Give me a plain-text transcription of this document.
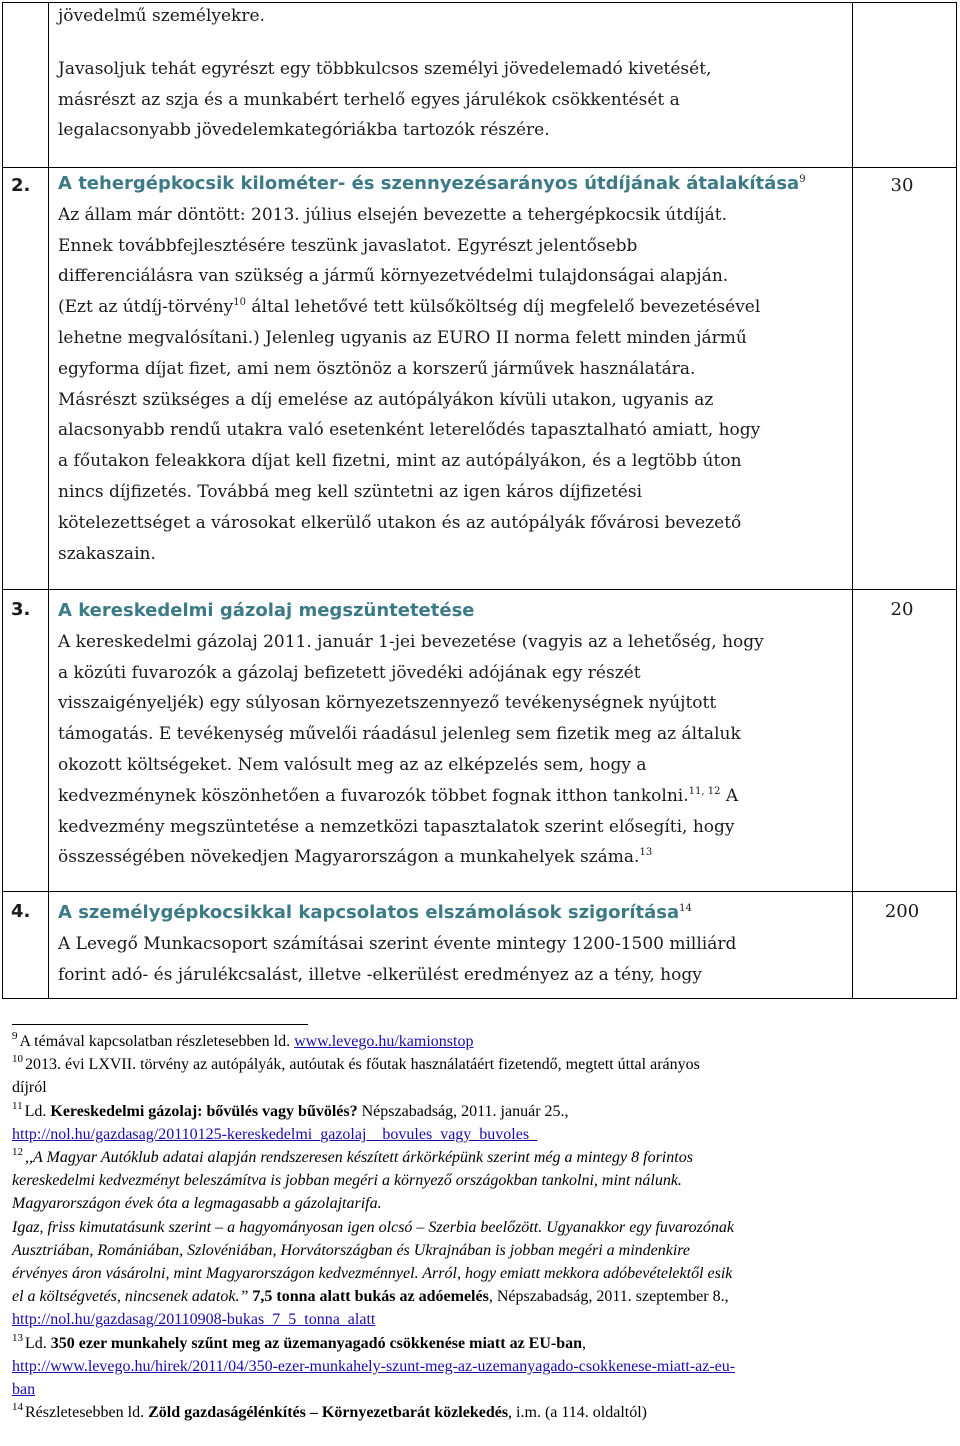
jövedelmű személyekre.

Javasoljuk tehát egyrészt egy többkulcsos személyi jövedelemadó kivetését,

másrészt az szja és a munkabért terhelő egyes járulékok csökkentését a

legalacsonyabb jövedelemkategóriákba tartozók részére.

2. A tehergépkocsik kilométer- és szennyezésarányos útdíjának átalakítása$^9$

Az állam már döntött: 2013. július elsején bevezette a tehergépkocsik útdíját.

Ennek továbbfejlesztésére teszünk javaslatot. Egyrészt jelentősebb

differenciálásra van szükség a jármű környezetvédelmi tulajdonságai alapján.

(Ezt az útdíj-törvény$^{10}$ által lehetővé tett külsőköltség díj megfelelő bevezetésével

lehetne megvalósítani.) Jelenleg ugyanis az EURO II norma felett minden jármű

egyforma díjat fizet, ami nem ösztönöz a korszerű járművek használatára.

Másrészt szükséges a díj emelése az autópályákon kívüli utakon, ugyanis az

alacsonyabb rendű utakra való esetenként leterelődés tapasztalható amiatt, hogy

a főutakon feleakkora díjat kell fizetni, mint az autópályákon, és a legtöbb úton

nincs díjfizetés. Továbbá meg kell szüntetni az igen káros díjfizetési

kötelezettséget a városokat elkerülő utakon és az autópályák fővárosi bevezető

szakaszain.

30
3. A kereskedelmi gázolaj megszüntetetése

A kereskedelmi gázolaj 2011. január 1-jei bevezetése (vagyis az a lehetőség, hogy

a közúti fuvarozók a gázolaj befizetett jövedéki adójának egy részét

visszaigényeljék) egy súlyosan környezetszennyező tevékenységnek nyújtott

támogatás. E tevékenység művelői ráadásul jelenleg sem fizetik meg az általuk

okozott költségeket. Nem valósult meg az az elképzelés sem, hogy a

kedvezménynek köszönhetően a fuvarozók többet fognak itthon tankolni.$^{11, 12}$ A

kedvezmény megszüntetése a nemzetközi tapasztalatok szerint elősegíti, hogy

összességében növekedjen Magyarországon a munkahelyek száma.$^{13}$

20
4. A személygépkocsikkal kapcsolatos elszámolások szigorítása$^{14}$

A Levegő Munkacsoport számításai szerint évente mintegy 1200-1500 milliárd

forint adó- és járulékcsalást, illetve -elkerülést eredményez az a tény, hogy

200

$^9$ A témával kapcsolatban részletesebben ld. www.levego.hu/kamionstop

$^{10}$ 2013. évi LXVII. törvény az autópályák, autóutak és főutak használatáért fizetendő, megtett úttal arányos

díjról

$^{11}$ Ld. Kereskedelmi gázolaj: bővülés vagy bűvölés? Népszabadság, 2011. január 25.,

http://nol.hu/gazdasag/20110125-kereskedelmi_gazolaj__bovules_vagy_buvoles_

$^{12}$ ,,A Magyar Autóklub adatai alapján rendszeresen készített árkörképünk szerint még a mintegy 8 forintos

kereskedelmi kedvezményt beleszámítva is jobban megéri a környező országokban tankolni, mint nálunk.

Magyarországon évek óta a legmagasabb a gázolajtarifa.

Igaz, friss kimutatásunk szerint – a hagyományosan igen olcsó – Szerbia beelőzött. Ugyanakkor egy fuvarozónak

Ausztriában, Romániában, Szlovéniában, Horvátországban és Ukrajnában is jobban megéri a mindenkire

érvényes áron vásárolni, mint Magyarországon kedvezménnyel. Arról, hogy emiatt mekkora adóbevételektől esik

el a költségvetés, nincsenek adatok.” 7,5 tonna alatt bukás az adóemelés, Népszabadság, 2011. szeptember 8.,

http://nol.hu/gazdasag/20110908-bukas_7_5_tonna_alatt

$^{13}$ Ld. 350 ezer munkahely szűnt meg az üzemanyagadó csökkenése miatt az EU-ban,

http://www.levego.hu/hirek/2011/04/350-ezer-munkahely-szunt-meg-az-uzemanyagado-csokkenese-miatt-az-eu-

ban

$^{14}$ Részletesebben ld. Zöld gazdaságélénkítés – Környezetbarát közlekedés, i.m. (a 114. oldaltól)
